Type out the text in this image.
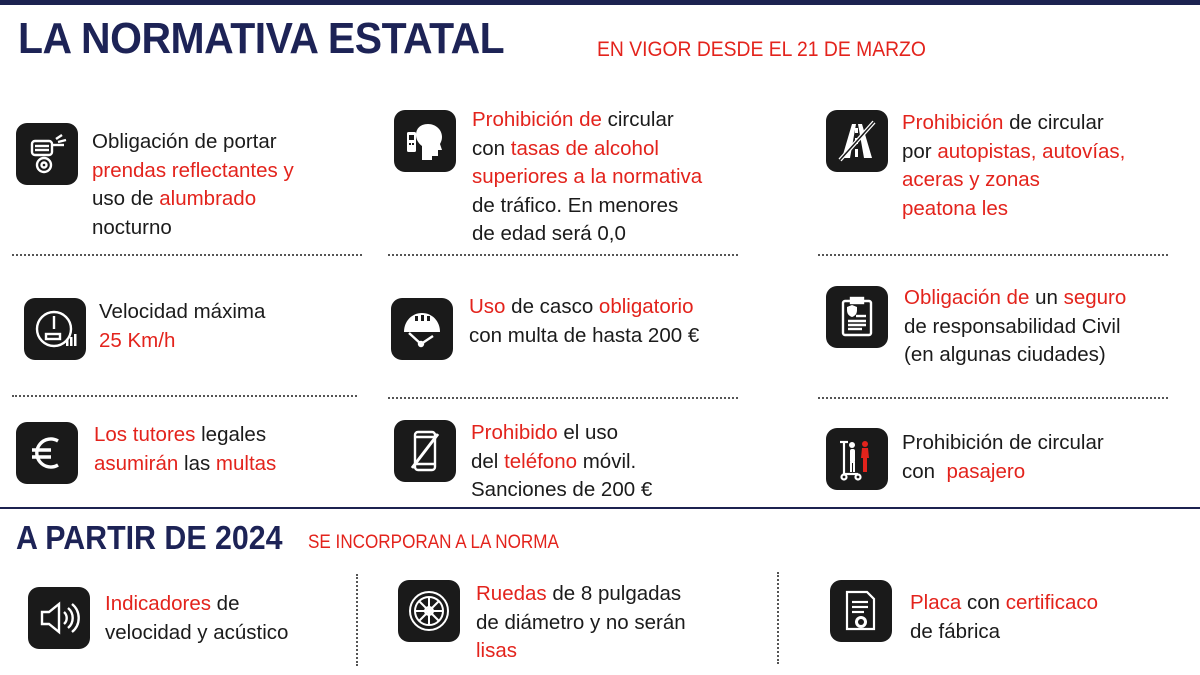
LA NORMATIVA ESTATAL	EN VIGOR DESDE EL 21 DE MARZO
Obligación de portar
prendas reflectantes y
uso de alumbrado
nocturno
Prohibición de circular
con tasas de alcohol
superiores a la normativa
de tráfico. En menores
de edad será 0,0
Prohibición de circular
por autopistas, autovías,
aceras y zonas
peatona les
Velocidad máxima
25 Km/h
Uso de casco obligatorio
con multa de hasta 200 €
Obligación de un seguro
de responsabilidad Civil
(en algunas ciudades)
Los tutores legales
asumirán las multas
Prohibido el uso
del teléfono móvil.
Sanciones de 200 €
Prohibición de circular
con  pasajero
A PARTIR DE 2024 SE INCORPORAN A LA NORMA
Indicadores de
velocidad y acústico
Ruedas de 8 pulgadas
de diámetro y no serán
lisas
Placa con certificaco
de fábrica
